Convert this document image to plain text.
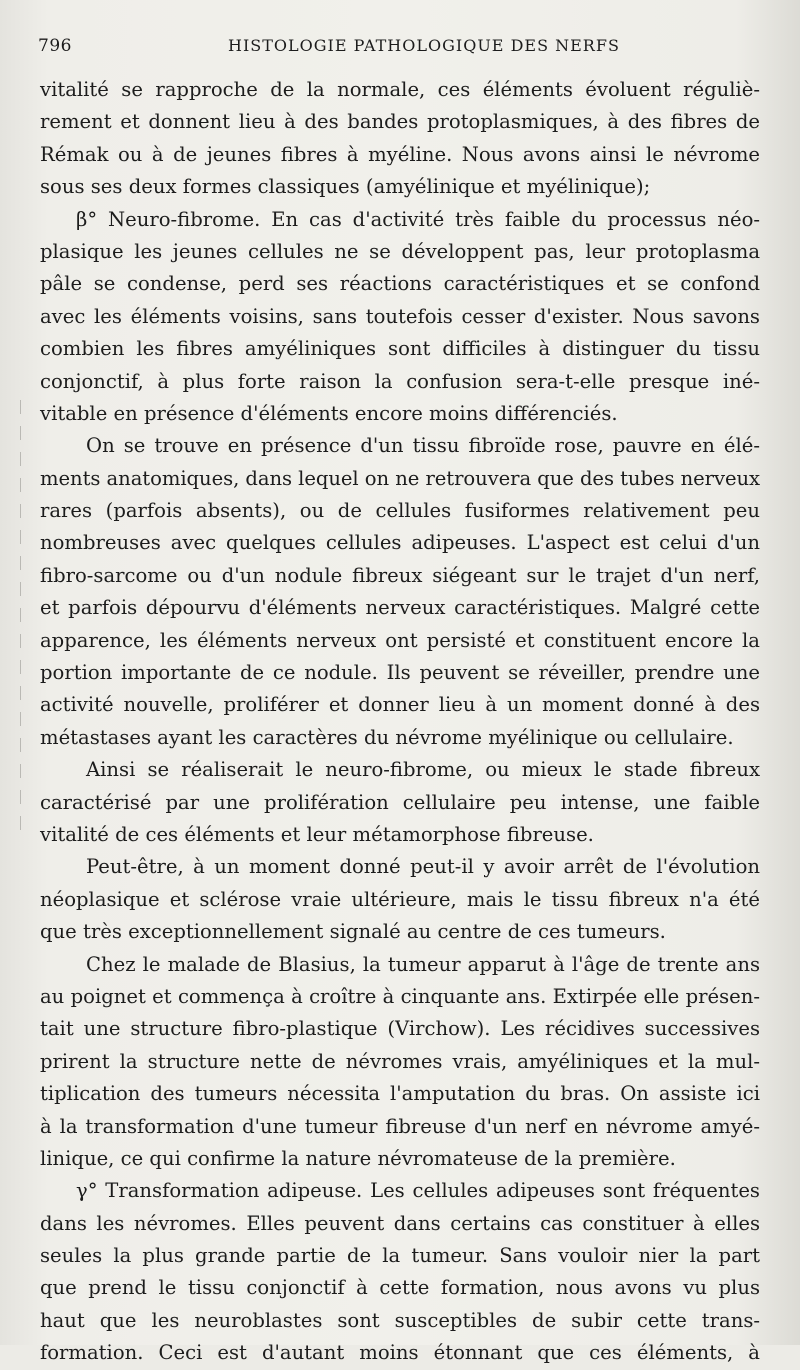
796	HISTOLOGIE PATHOLOGIQUE DES NERFS
vitalité se rapproche de la normale, ces éléments évoluent réguliè-
rement et donnent lieu à des bandes protoplasmiques, à des fibres de
Rémak ou à de jeunes fibres à myéline. Nous avons ainsi le névrome
sous ses deux formes classiques (amyélinique et myélinique);
β° Neuro-fibrome. En cas d'activité très faible du processus néo-
plasique les jeunes cellules ne se développent pas, leur protoplasma
pâle se condense, perd ses réactions caractéristiques et se confond
avec les éléments voisins, sans toutefois cesser d'exister. Nous savons
combien les fibres amyéliniques sont difficiles à distinguer du tissu
conjonctif, à plus forte raison la confusion sera-t-elle presque iné-
vitable en présence d'éléments encore moins différenciés.
On se trouve en présence d'un tissu fibroïde rose, pauvre en élé-
ments anatomiques, dans lequel on ne retrouvera que des tubes nerveux
rares (parfois absents), ou de cellules fusiformes relativement peu
nombreuses avec quelques cellules adipeuses. L'aspect est celui d'un
fibro-sarcome ou d'un nodule fibreux siégeant sur le trajet d'un nerf,
et parfois dépourvu d'éléments nerveux caractéristiques. Malgré cette
apparence, les éléments nerveux ont persisté et constituent encore la
portion importante de ce nodule. Ils peuvent se réveiller, prendre une
activité nouvelle, proliférer et donner lieu à un moment donné à des
métastases ayant les caractères du névrome myélinique ou cellulaire.
Ainsi se réaliserait le neuro-fibrome, ou mieux le stade fibreux
caractérisé par une prolifération cellulaire peu intense, une faible
vitalité de ces éléments et leur métamorphose fibreuse.
Peut-être, à un moment donné peut-il y avoir arrêt de l'évolution
néoplasique et sclérose vraie ultérieure, mais le tissu fibreux n'a été
que très exceptionnellement signalé au centre de ces tumeurs.
Chez le malade de Blasius, la tumeur apparut à l'âge de trente ans
au poignet et commença à croître à cinquante ans. Extirpée elle présen-
tait une structure fibro-plastique (Virchow). Les récidives successives
prirent la structure nette de névromes vrais, amyéliniques et la mul-
tiplication des tumeurs nécessita l'amputation du bras. On assiste ici
à la transformation d'une tumeur fibreuse d'un nerf en névrome amyé-
linique, ce qui confirme la nature névromateuse de la première.
γ° Transformation adipeuse. Les cellules adipeuses sont fréquentes
dans les névromes. Elles peuvent dans certains cas constituer à elles
seules la plus grande partie de la tumeur. Sans vouloir nier la part
que prend le tissu conjonctif à cette formation, nous avons vu plus
haut que les neuroblastes sont susceptibles de subir cette trans-
formation. Ceci est d'autant moins étonnant que ces éléments, à
